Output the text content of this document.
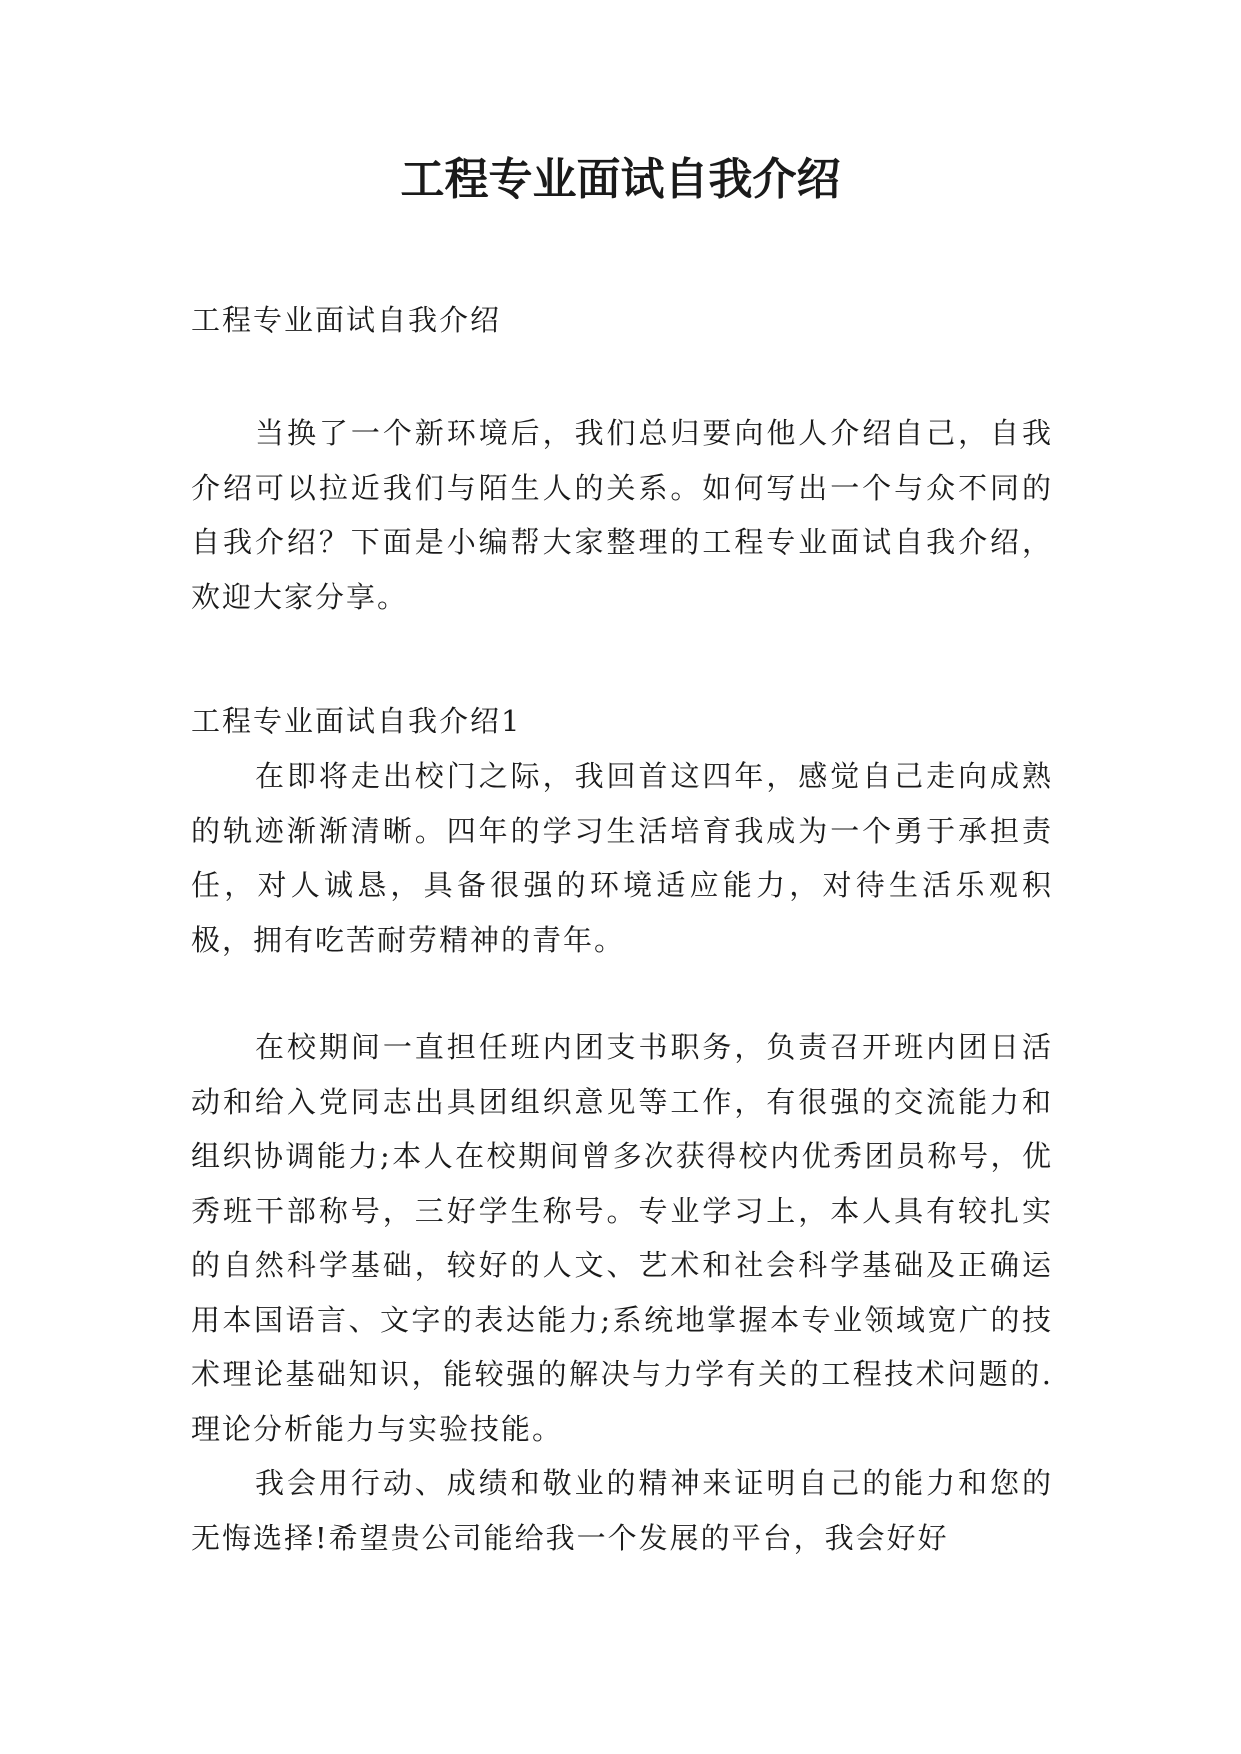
工程专业面试自我介绍

工程专业面试自我介绍

当换了一个新环境后，我们总归要向他人介绍自己，自我介绍可以拉近我们与陌生人的关系。如何写出一个与众不同的自我介绍？下面是小编帮大家整理的工程专业面试自我介绍，欢迎大家分享。

工程专业面试自我介绍1

在即将走出校门之际，我回首这四年，感觉自己走向成熟的轨迹渐渐清晰。四年的学习生活培育我成为一个勇于承担责任，对人诚恳，具备很强的环境适应能力，对待生活乐观积极，拥有吃苦耐劳精神的青年。

在校期间一直担任班内团支书职务，负责召开班内团日活动和给入党同志出具团组织意见等工作，有很强的交流能力和组织协调能力;本人在校期间曾多次获得校内优秀团员称号，优秀班干部称号，三好学生称号。专业学习上，本人具有较扎实的自然科学基础，较好的人文、艺术和社会科学基础及正确运用本国语言、文字的表达能力;系统地掌握本专业领域宽广的技术理论基础知识，能较强的解决与力学有关的工程技术问题的.理论分析能力与实验技能。

我会用行动、成绩和敬业的精神来证明自己的能力和您的无悔选择!希望贵公司能给我一个发展的平台，我会好好
